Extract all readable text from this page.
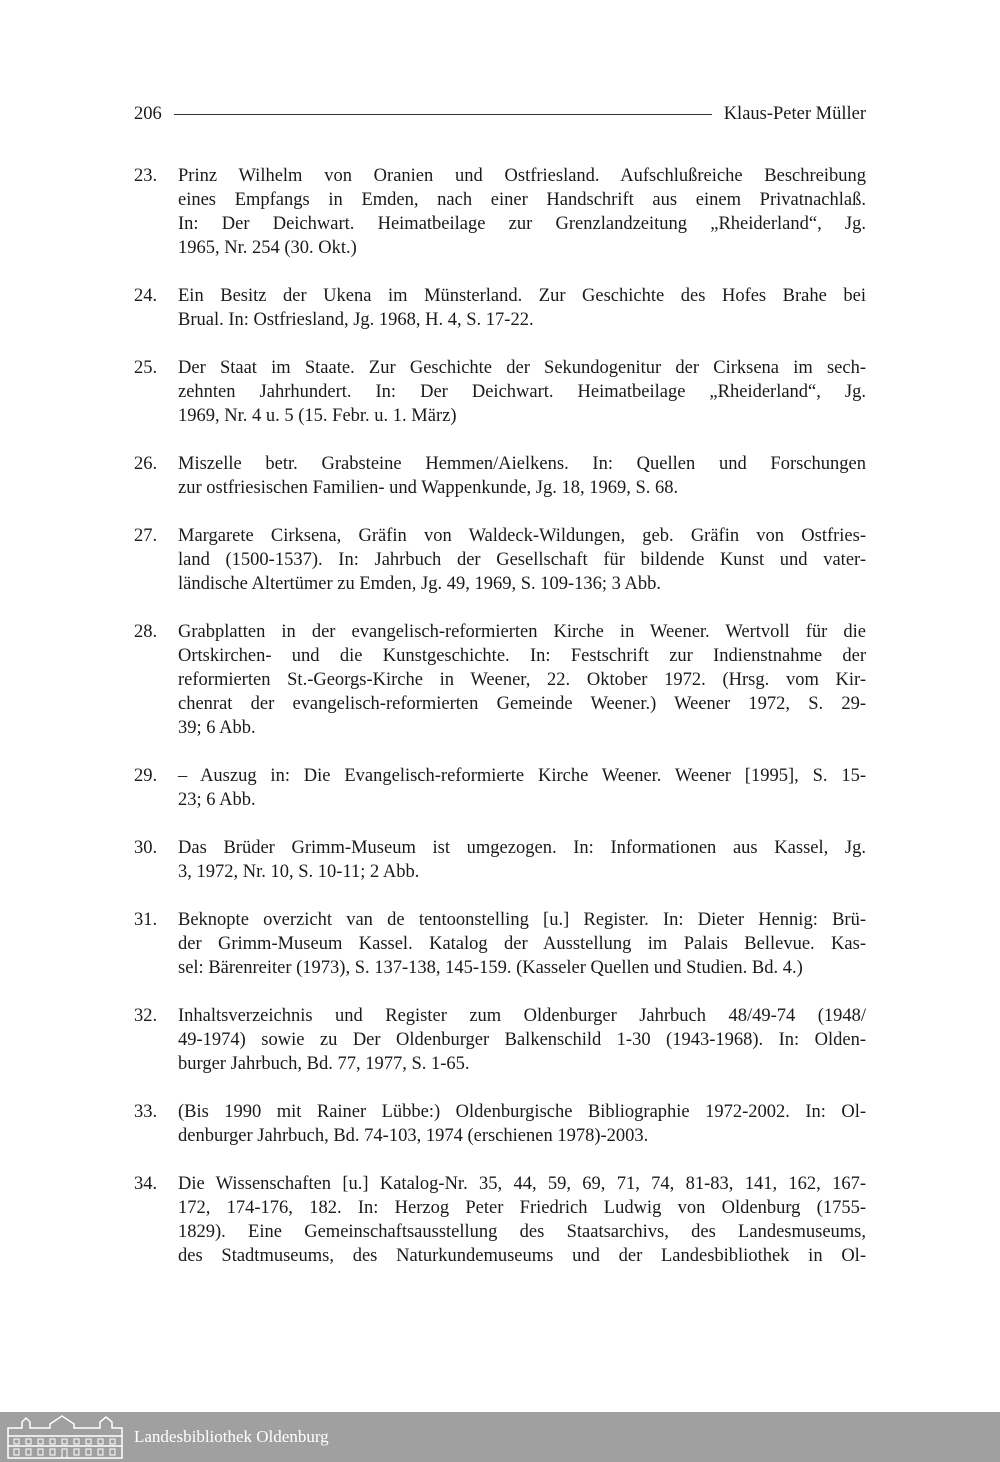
206	Klaus-Peter Müller
23.	Prinz Wilhelm von Oranien und Ostfriesland. Aufschlußreiche Beschreibung
eines Empfangs in Emden, nach einer Handschrift aus einem Privatnachlaß.
In: Der Deichwart. Heimatbeilage zur Grenzlandzeitung „Rheiderland“, Jg.
1965, Nr. 254 (30. Okt.)
24.	Ein Besitz der Ukena im Münsterland. Zur Geschichte des Hofes Brahe bei
Brual. In: Ostfriesland, Jg. 1968, H. 4, S. 17-22.
25.	Der Staat im Staate. Zur Geschichte der Sekundogenitur der Cirksena im sech-
zehnten Jahrhundert. In: Der Deichwart. Heimatbeilage „Rheiderland“, Jg.
1969, Nr. 4 u. 5 (15. Febr. u. 1. März)
26.	Miszelle betr. Grabsteine Hemmen/Aielkens. In: Quellen und Forschungen
zur ostfriesischen Familien- und Wappenkunde, Jg. 18, 1969, S. 68.
27.	Margarete Cirksena, Gräfin von Waldeck-Wildungen, geb. Gräfin von Ostfries-
land (1500-1537). In: Jahrbuch der Gesellschaft für bildende Kunst und vater-
ländische Altertümer zu Emden, Jg. 49, 1969, S. 109-136; 3 Abb.
28.	Grabplatten in der evangelisch-reformierten Kirche in Weener. Wertvoll für die
Ortskirchen- und die Kunstgeschichte. In: Festschrift zur Indienstnahme der
reformierten St.-Georgs-Kirche in Weener, 22. Oktober 1972. (Hrsg. vom Kir-
chenrat der evangelisch-reformierten Gemeinde Weener.) Weener 1972, S. 29-
39; 6 Abb.
29.	– Auszug in: Die Evangelisch-reformierte Kirche Weener. Weener [1995], S. 15-
23; 6 Abb.
30.	Das Brüder Grimm-Museum ist umgezogen. In: Informationen aus Kassel, Jg.
3, 1972, Nr. 10, S. 10-11; 2 Abb.
31.	Beknopte overzicht van de tentoonstelling [u.] Register. In: Dieter Hennig: Brü-
der Grimm-Museum Kassel. Katalog der Ausstellung im Palais Bellevue. Kas-
sel: Bärenreiter (1973), S. 137-138, 145-159. (Kasseler Quellen und Studien. Bd. 4.)
32.	Inhaltsverzeichnis und Register zum Oldenburger Jahrbuch 48/49-74 (1948/
49-1974) sowie zu Der Oldenburger Balkenschild 1-30 (1943-1968). In: Olden-
burger Jahrbuch, Bd. 77, 1977, S. 1-65.
33.	(Bis 1990 mit Rainer Lübbe:) Oldenburgische Bibliographie 1972-2002. In: Ol-
denburger Jahrbuch, Bd. 74-103, 1974 (erschienen 1978)-2003.
34.	Die Wissenschaften [u.] Katalog-Nr. 35, 44, 59, 69, 71, 74, 81-83, 141, 162, 167-
172, 174-176, 182. In: Herzog Peter Friedrich Ludwig von Oldenburg (1755-
1829). Eine Gemeinschaftsausstellung des Staatsarchivs, des Landesmuseums,
des Stadtmuseums, des Naturkundemuseums und der Landesbibliothek in Ol-
Landesbibliothek Oldenburg
